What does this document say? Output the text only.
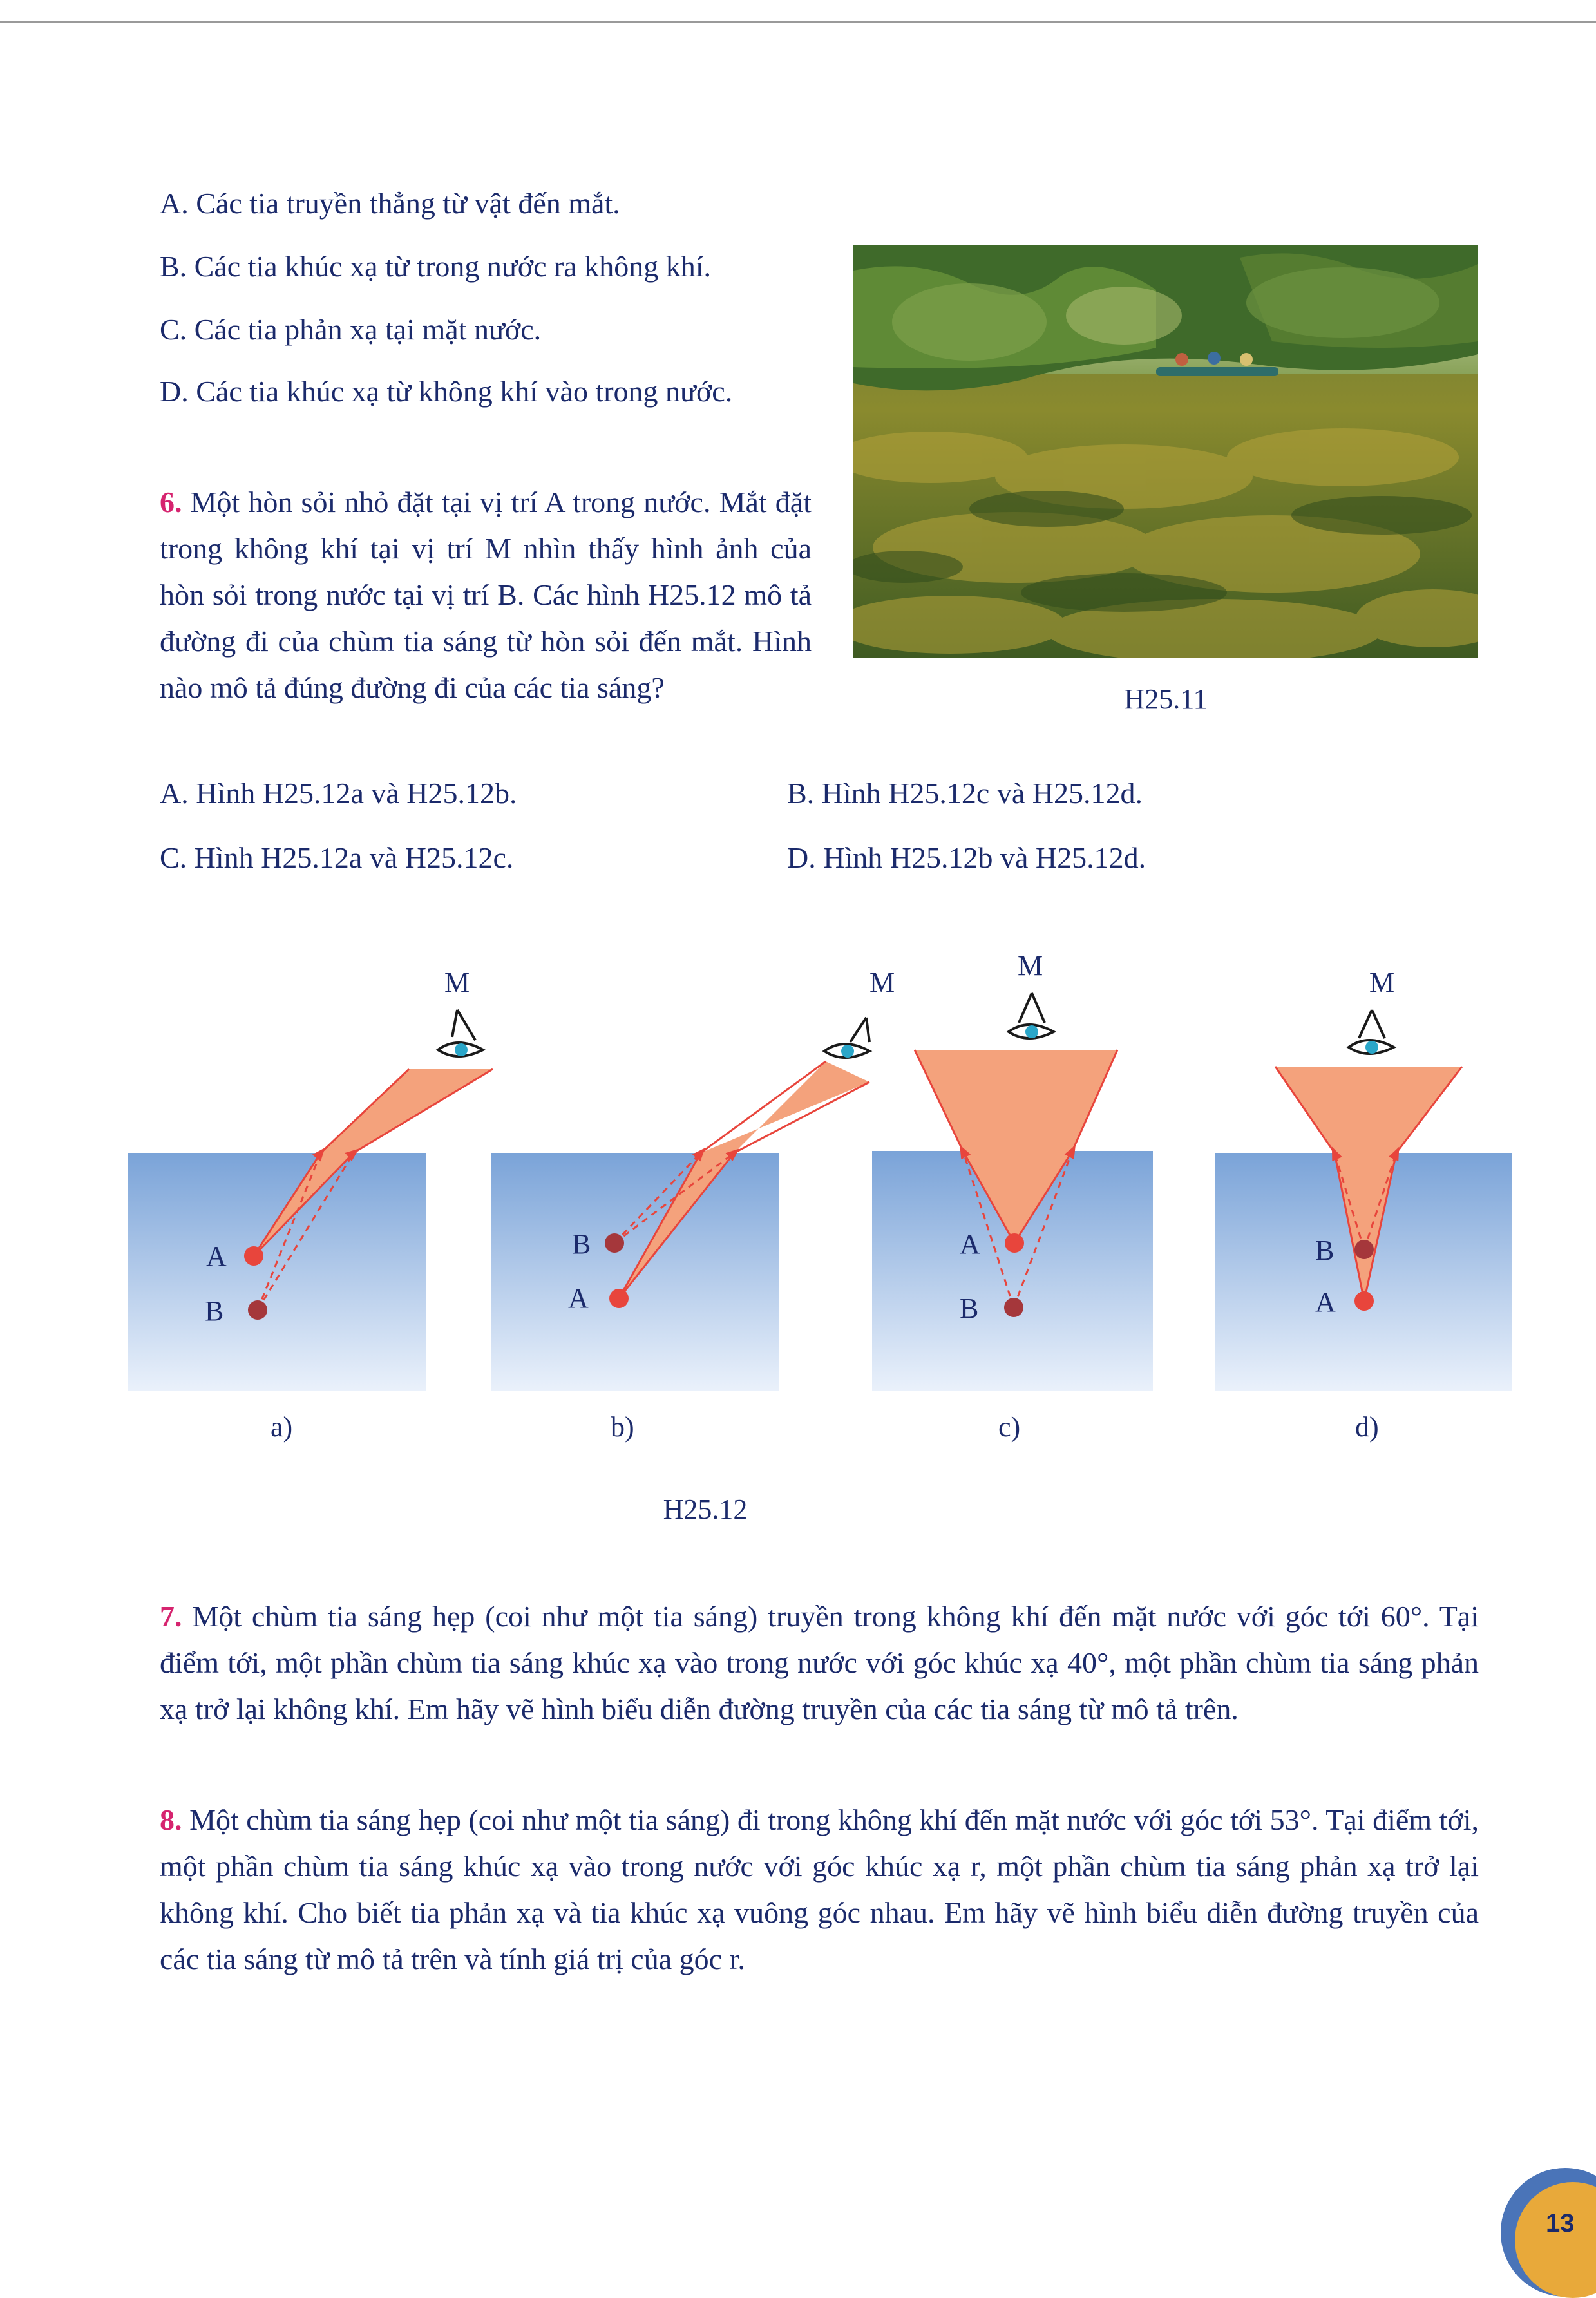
A. Các tia truyền thẳng từ vật đến mắt.

B. Các tia khúc xạ từ trong nước ra không khí.

C. Các tia phản xạ tại mặt nước.

D. Các tia khúc xạ từ không khí vào trong nước.

6. Một hòn sỏi nhỏ đặt tại vị trí A trong nước. Mắt đặt trong không khí tại vị trí M nhìn thấy hình ảnh của hòn sỏi trong nước tại vị trí B. Các hình H25.12 mô tả đường đi của chùm tia sáng từ hòn sỏi đến mắt. Hình nào mô tả đúng đường đi của các tia sáng?	H25.11

A. Hình H25.12a và H25.12b.	B. Hình H25.12c và H25.12d.

C. Hình H25.12a và H25.12c.	D. Hình H25.12b và H25.12d.

A
B
M
a)
A
B
M
b)
A
B
M
c)
A
B
M
d)
H25.12

7. Một chùm tia sáng hẹp (coi như một tia sáng) truyền trong không khí đến mặt nước với góc tới 60°. Tại điểm tới, một phần chùm tia sáng khúc xạ vào trong nước với góc khúc xạ 40°, một phần chùm tia sáng phản xạ trở lại không khí. Em hãy vẽ hình biểu diễn đường truyền của các tia sáng từ mô tả trên.

8. Một chùm tia sáng hẹp (coi như một tia sáng) đi trong không khí đến mặt nước với góc tới 53°. Tại điểm tới, một phần chùm tia sáng khúc xạ vào trong nước với góc khúc xạ r, một phần chùm tia sáng phản xạ trở lại không khí. Cho biết tia phản xạ và tia khúc xạ vuông góc nhau. Em hãy vẽ hình biểu diễn đường truyền của các tia sáng từ mô tả trên và tính giá trị của góc r.

13
